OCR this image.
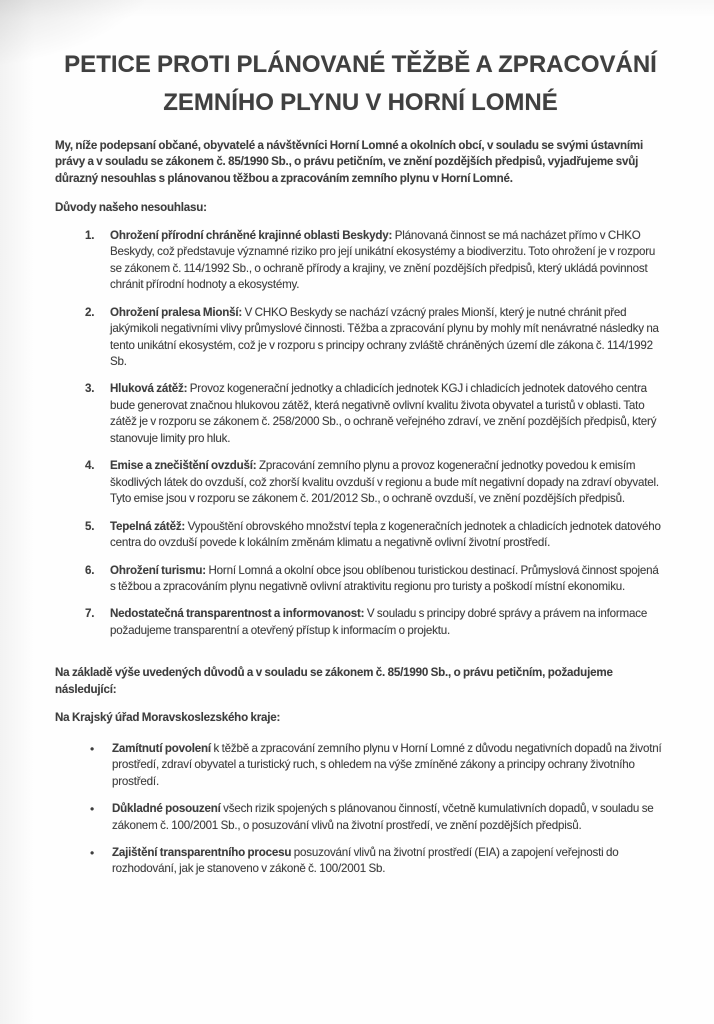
PETICE PROTI PLÁNOVANÉ TĚŽBĚ A ZPRACOVÁNÍ
ZEMNÍHO PLYNU V HORNÍ LOMNÉ

My, níže podepsaní občané, obyvatelé a návštěvníci Horní Lomné a okolních obcí, v souladu se svými ústavními právy a v souladu se zákonem č. 85/1990 Sb., o právu petičním, ve znění pozdějších předpisů, vyjadřujeme svůj důrazný nesouhlas s plánovanou těžbou a zpracováním zemního plynu v Horní Lomné.

Důvody našeho nesouhlasu:

1.	Ohrožení přírodní chráněné krajinné oblasti Beskydy: Plánovaná činnost se má nacházet přímo v CHKO Beskydy, což představuje významné riziko pro její unikátní ekosystémy a biodiverzitu. Toto ohrožení je v rozporu se zákonem č. 114/1992 Sb., o ochraně přírody a krajiny, ve znění pozdějších předpisů, který ukládá povinnost chránit přírodní hodnoty a ekosystémy.
2.	Ohrožení pralesa Mionší: V CHKO Beskydy se nachází vzácný prales Mionší, který je nutné chránit před jakýmikoli negativními vlivy průmyslové činnosti. Těžba a zpracování plynu by mohly mít nenávratné následky na tento unikátní ekosystém, což je v rozporu s principy ochrany zvláště chráněných území dle zákona č. 114/1992 Sb.
3.	Hluková zátěž: Provoz kogenerační jednotky a chladicích jednotek KGJ i chladicích jednotek datového centra bude generovat značnou hlukovou zátěž, která negativně ovlivní kvalitu života obyvatel a turistů v oblasti. Tato zátěž je v rozporu se zákonem č. 258/2000 Sb., o ochraně veřejného zdraví, ve znění pozdějších předpisů, který stanovuje limity pro hluk.
4.	Emise a znečištění ovzduší: Zpracování zemního plynu a provoz kogenerační jednotky povedou k emisím škodlivých látek do ovzduší, což zhorší kvalitu ovzduší v regionu a bude mít negativní dopady na zdraví obyvatel. Tyto emise jsou v rozporu se zákonem č. 201/2012 Sb., o ochraně ovzduší, ve znění pozdějších předpisů.
5.	Tepelná zátěž: Vypouštění obrovského množství tepla z kogeneračních jednotek a chladicích jednotek datového centra do ovzduší povede k lokálním změnám klimatu a negativně ovlivní životní prostředí.
6.	Ohrožení turismu: Horní Lomná a okolní obce jsou oblíbenou turistickou destinací. Průmyslová činnost spojená s těžbou a zpracováním plynu negativně ovlivní atraktivitu regionu pro turisty a poškodí místní ekonomiku.
7.	Nedostatečná transparentnost a informovanost: V souladu s principy dobré správy a právem na informace požadujeme transparentní a otevřený přístup k informacím o projektu.

Na základě výše uvedených důvodů a v souladu se zákonem č. 85/1990 Sb., o právu petičním, požadujeme následující:

Na Krajský úřad Moravskoslezského kraje:

•	Zamítnutí povolení k těžbě a zpracování zemního plynu v Horní Lomné z důvodu negativních dopadů na životní prostředí, zdraví obyvatel a turistický ruch, s ohledem na výše zmíněné zákony a principy ochrany životního prostředí.
•	Důkladné posouzení všech rizik spojených s plánovanou činností, včetně kumulativních dopadů, v souladu se zákonem č. 100/2001 Sb., o posuzování vlivů na životní prostředí, ve znění pozdějších předpisů.
•	Zajištění transparentního procesu posuzování vlivů na životní prostředí (EIA) a zapojení veřejnosti do rozhodování, jak je stanoveno v zákoně č. 100/2001 Sb.
